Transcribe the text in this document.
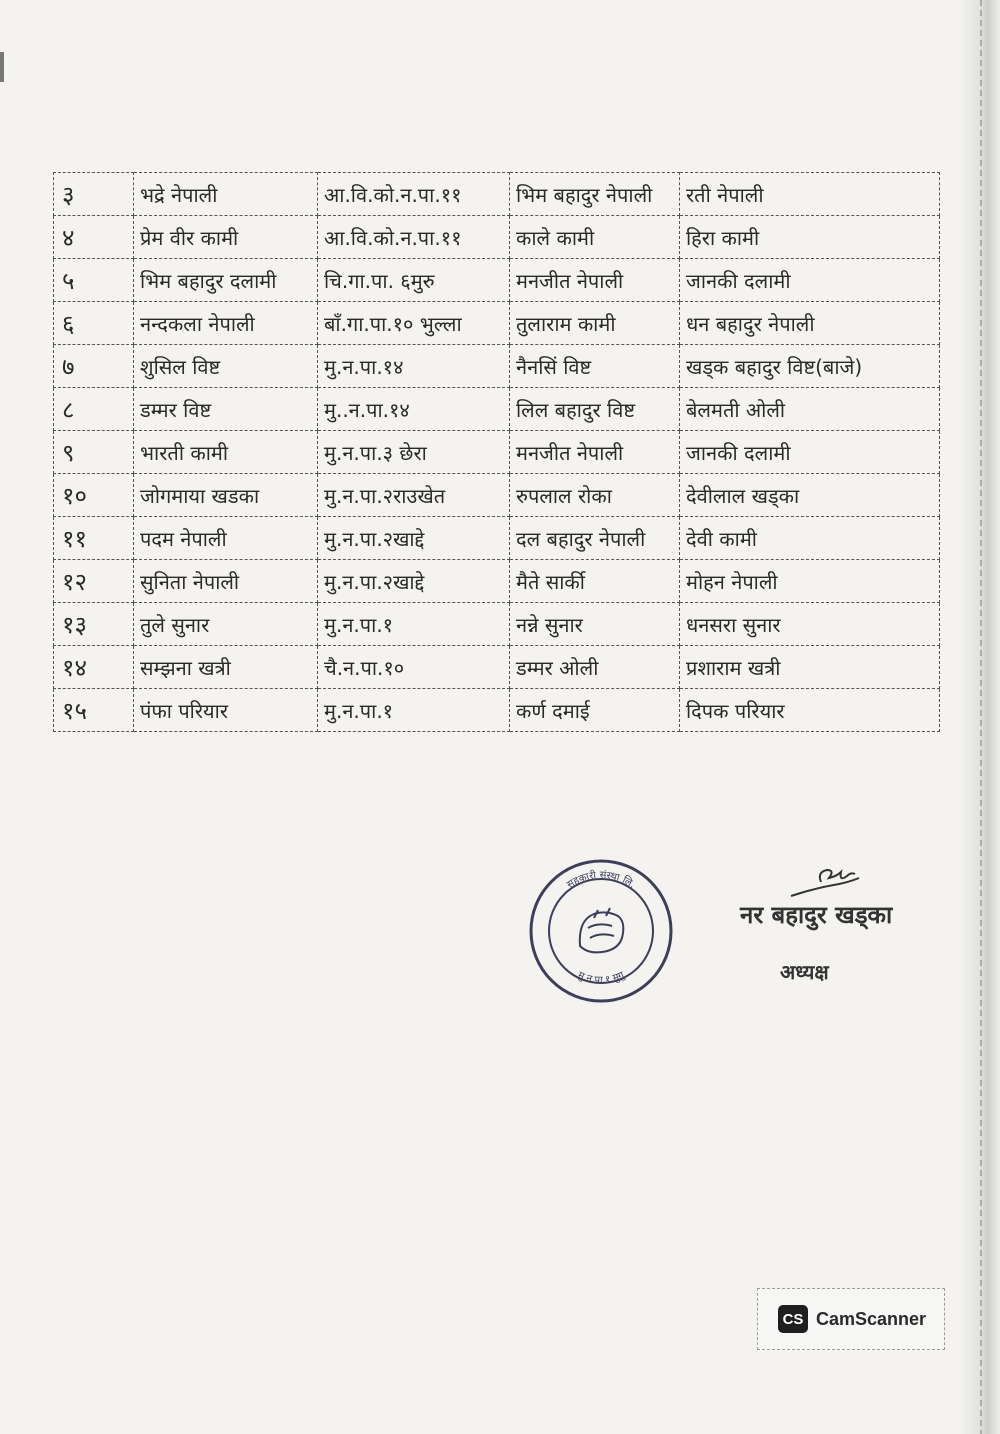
३	भद्रे नेपाली	आ.वि.को.न.पा.११	भिम बहादुर नेपाली	रती नेपाली
४	प्रेम वीर कामी	आ.वि.को.न.पा.११	काले कामी	हिरा कामी
५	भिम बहादुर दलामी	चि.गा.पा. ६मुरु	मनजीत नेपाली	जानकी दलामी
६	नन्दकला नेपाली	बाँ.गा.पा.१० भुल्ला	तुलाराम कामी	धन बहादुर नेपाली
७	शुसिल विष्ट	मु.न.पा.१४	नैनसिं विष्ट	खड्क बहादुर विष्ट(बाजे)
८	डम्मर विष्ट	मु..न.पा.१४	लिल बहादुर विष्ट	बेलमती ओली
९	भारती कामी	मु.न.पा.३ छेरा	मनजीत नेपाली	जानकी दलामी
१०	जोगमाया खडका	मु.न.पा.२राउखेत	रुपलाल रोका	देवीलाल खड्का
११	पदम नेपाली	मु.न.पा.२खाद्दे	दल बहादुर नेपाली	देवी कामी
१२	सुनिता नेपाली	मु.न.पा.२खाद्दे	मैते सार्की	मोहन नेपाली
१३	तुले सुनार	मु.न.पा.१	नन्ने सुनार	धनसरा सुनार
१४	सम्झना खत्री	चै.न.पा.१०	डम्मर ओली	प्रशाराम खत्री
१५	पंफा परियार	मु.न.पा.१	कर्ण दमाई	दिपक परियार
सहकारी संस्था लि.
मु.न.पा.१ मुगु
नर बहादुर खड्का
अध्यक्ष
CS CamScanner
